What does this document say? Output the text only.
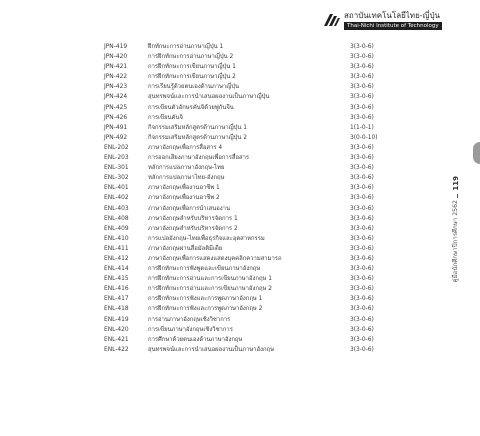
สถาบันเทคโนโลยีไทย-ญี่ปุ่น
Thai-Nichi Institute of Technology
JPN-419	ฝึกทักษะการอ่านภาษาญี่ปุ่น 1	3(3-0-6)
JPN-420	การฝึกทักษะการอ่านภาษาญี่ปุ่น 2	3(3-0-6)
JPN-421	การฝึกทักษะการเขียนภาษาญี่ปุ่น 1	3(3-0-6)
JPN-422	การฝึกทักษะการเขียนภาษาญี่ปุ่น 2	3(3-0-6)
JPN-423	การเรียนรู้ด้วยตนเองด้านภาษาญี่ปุ่น	3(3-0-6)
JPN-424	สุนทรพจน์และการนำเสนอผลงานเป็นภาษาญี่ปุ่น	3(3-0-6)
JPN-425	การเขียนตัวอักษรคันจิด้วยพู่กันจีน	3(3-0-6)
JPN-426	การเขียนคันจิ	3(3-0-6)
JPN-491	กิจกรรมเสริมหลักสูตรด้านภาษาญี่ปุ่น 1	1(1-0-1)
JPN-492	กิจกรรมเสริมหลักสูตรด้านภาษาญี่ปุ่น 2	3(0-0-10)
ENL-202	ภาษาอังกฤษเพื่อการสื่อสาร 4	3(3-0-6)
ENL-203	การออกเสียงภาษาอังกฤษเพื่อการสื่อสาร	3(3-0-6)
ENL-301	หลักการแปลภาษาอังกฤษ-ไทย	3(3-0-6)
ENL-302	หลักการแปลภาษาไทย-อังกฤษ	3(3-0-6)
ENL-401	ภาษาอังกฤษเพื่องานอาชีพ 1	3(3-0-6)
ENL-402	ภาษาอังกฤษเพื่องานอาชีพ 2	3(3-0-6)
ENL-403	ภาษาอังกฤษเพื่อการนำเสนองาน	3(3-0-6)
ENL-408	ภาษาอังกฤษสำหรับบริหารจัดการ 1	3(3-0-6)
ENL-409	ภาษาอังกฤษสำหรับบริหารจัดการ 2	3(3-0-6)
ENL-410	การแปลอังกฤษ-ไทยเพื่อธุรกิจและอุตสาหกรรม	3(3-0-6)
ENL-411	ภาษาอังกฤษผ่านสื่อมัลติมีเดีย	3(3-0-6)
ENL-412	ภาษาอังกฤษเพื่อการแสดงแสดงบุคคลิกความสามารถ	3(3-0-6)
ENL-414	การฝึกทักษะการฟังพูดและเขียนภาษาอังกฤษ	3(3-0-6)
ENL-415	การฝึกทักษะการอ่านและการเขียนภาษาอังกฤษ 1	3(3-0-6)
ENL-416	การฝึกทักษะการอ่านและการเขียนภาษาอังกฤษ 2	3(3-0-6)
ENL-417	การฝึกทักษะการฟังและการพูดภาษาอังกฤษ 1	3(3-0-6)
ENL-418	การฝึกทักษะการฟังและการพูดภาษาอังกฤษ 2	3(3-0-6)
ENL-419	การอ่านภาษาอังกฤษเชิงวิชาการ	3(3-0-6)
ENL-420	การเขียนภาษาอังกฤษเชิงวิชาการ	3(3-0-6)
ENL-421	การศึกษาด้วยตนเองด้านภาษาอังกฤษ	3(3-0-6)
ENL-422	สุนทรพจน์และการนำเสนอผลงานเป็นภาษาอังกฤษ	3(3-0-6)
119
คู่มือนักศึกษาปีการศึกษา 2562
